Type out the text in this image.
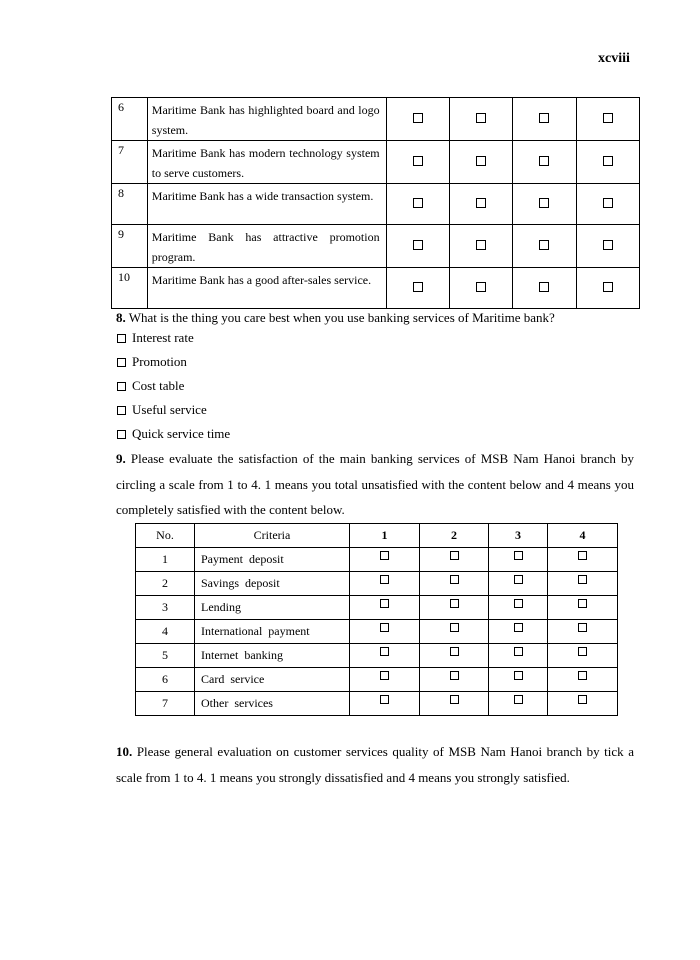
xcviii
6	Maritime Bank has highlighted board and logo system.				
7	Maritime Bank has modern technology system to serve customers.				
8	Maritime Bank has a wide transaction system.				
9	Maritime Bank has attractive promotion program.				
10	Maritime Bank has a good after-sales service.				
8. What is the thing you care best when you use banking services of Maritime bank?
Interest rate
Promotion
Cost table
Useful service
Quick service time
9. Please evaluate the satisfaction of the main banking services of MSB Nam Hanoi branch by circling a scale from 1 to 4. 1 means you total unsatisfied with the content below and 4 means you completely satisfied with the content below.
No.	Criteria	1	2	3	4
1	Payment deposit				
2	Savings deposit				
3	Lending				
4	International payment				
5	Internet banking				
6	Card service				
7	Other services				
10. Please general evaluation on customer services quality of MSB Nam Hanoi branch by tick a scale from 1 to 4. 1 means you strongly dissatisfied and 4 means you strongly satisfied.
